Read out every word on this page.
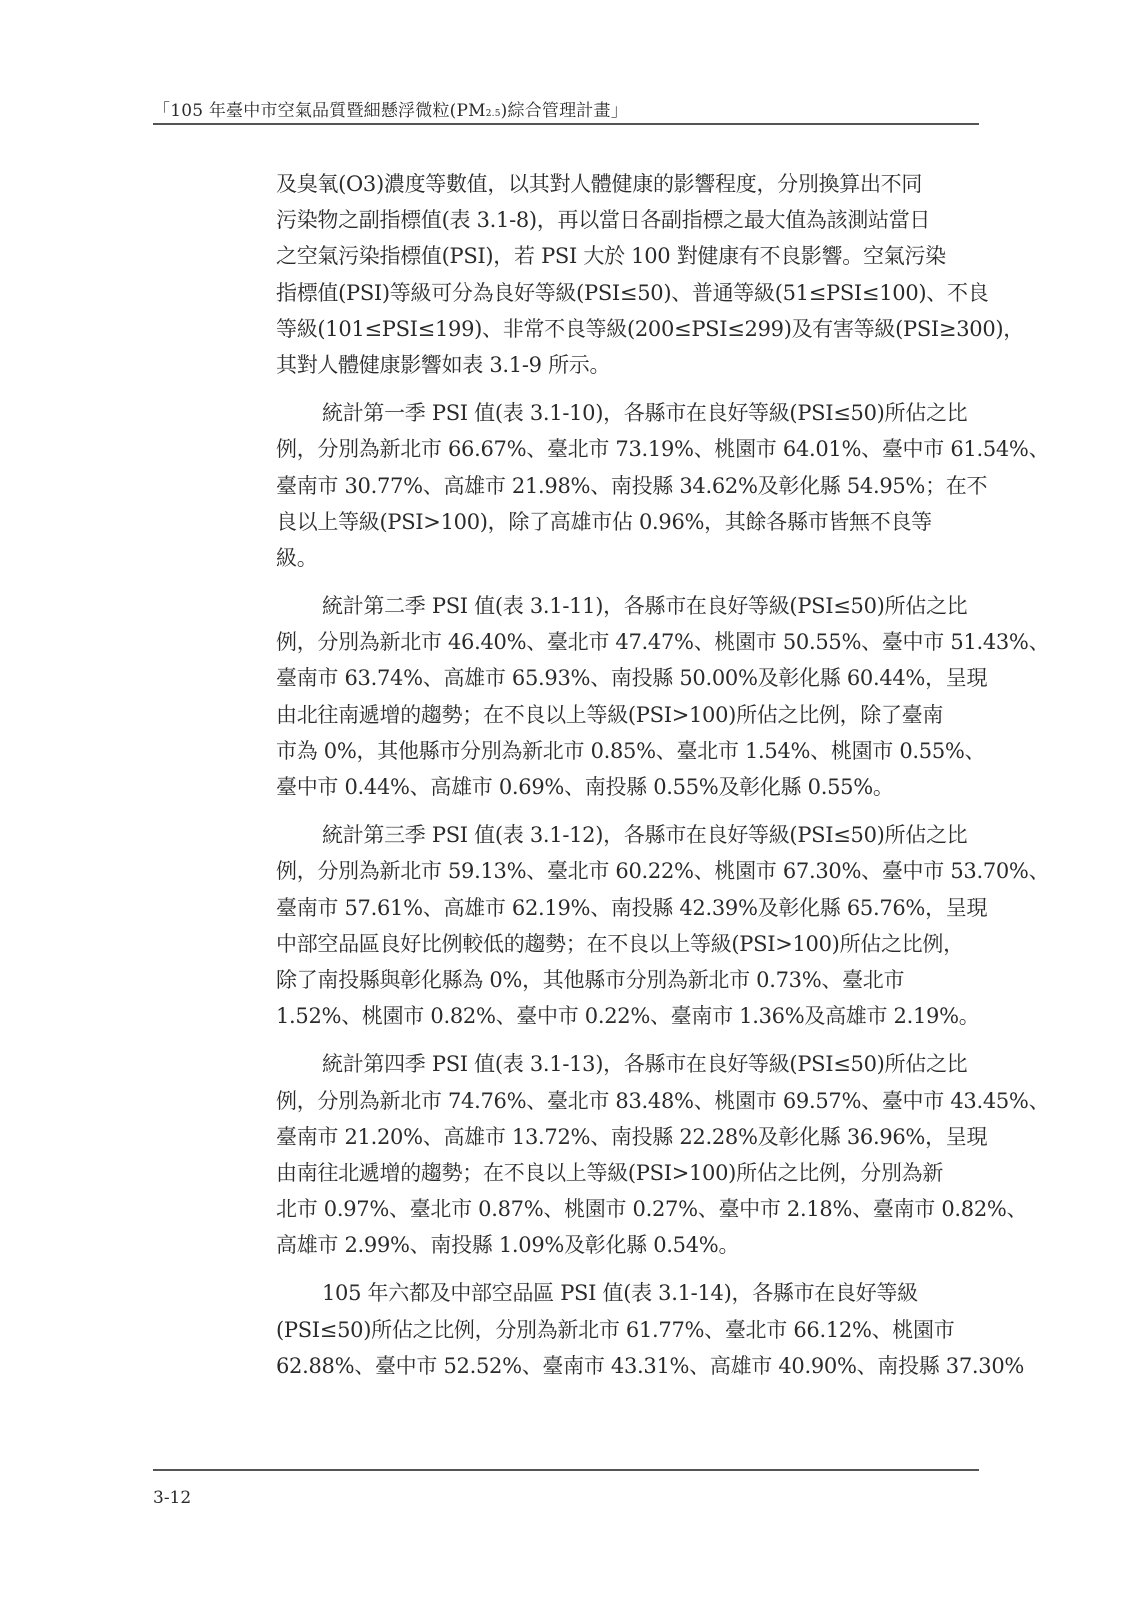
「105 年臺中市空氣品質暨細懸浮微粒(PM2.5)綜合管理計畫」
及臭氧(O3)濃度等數值，以其對人體健康的影響程度，分別換算出不同
污染物之副指標值(表 3.1-8)，再以當日各副指標之最大值為該測站當日
之空氣污染指標值(PSI)，若 PSI 大於 100 對健康有不良影響。空氣污染
指標值(PSI)等級可分為良好等級(PSI≤50)、普通等級(51≤PSI≤100)、不良
等級(101≤PSI≤199)、非常不良等級(200≤PSI≤299)及有害等級(PSI≥300)，
其對人體健康影響如表 3.1-9 所示。
統計第一季 PSI 值(表 3.1-10)，各縣市在良好等級(PSI≤50)所佔之比
例，分別為新北市 66.67%、臺北市 73.19%、桃園市 64.01%、臺中市 61.54%、
臺南市 30.77%、高雄市 21.98%、南投縣 34.62%及彰化縣 54.95%；在不
良以上等級(PSI>100)，除了高雄市佔 0.96%，其餘各縣市皆無不良等
級。
統計第二季 PSI 值(表 3.1-11)，各縣市在良好等級(PSI≤50)所佔之比
例，分別為新北市 46.40%、臺北市 47.47%、桃園市 50.55%、臺中市 51.43%、
臺南市 63.74%、高雄市 65.93%、南投縣 50.00%及彰化縣 60.44%，呈現
由北往南遞增的趨勢；在不良以上等級(PSI>100)所佔之比例，除了臺南
市為 0%，其他縣市分別為新北市 0.85%、臺北市 1.54%、桃園市 0.55%、
臺中市 0.44%、高雄市 0.69%、南投縣 0.55%及彰化縣 0.55%。
統計第三季 PSI 值(表 3.1-12)，各縣市在良好等級(PSI≤50)所佔之比
例，分別為新北市 59.13%、臺北市 60.22%、桃園市 67.30%、臺中市 53.70%、
臺南市 57.61%、高雄市 62.19%、南投縣 42.39%及彰化縣 65.76%，呈現
中部空品區良好比例較低的趨勢；在不良以上等級(PSI>100)所佔之比例，
除了南投縣與彰化縣為 0%，其他縣市分別為新北市 0.73%、臺北市
1.52%、桃園市 0.82%、臺中市 0.22%、臺南市 1.36%及高雄市 2.19%。
統計第四季 PSI 值(表 3.1-13)，各縣市在良好等級(PSI≤50)所佔之比
例，分別為新北市 74.76%、臺北市 83.48%、桃園市 69.57%、臺中市 43.45%、
臺南市 21.20%、高雄市 13.72%、南投縣 22.28%及彰化縣 36.96%，呈現
由南往北遞增的趨勢；在不良以上等級(PSI>100)所佔之比例，分別為新
北市 0.97%、臺北市 0.87%、桃園市 0.27%、臺中市 2.18%、臺南市 0.82%、
高雄市 2.99%、南投縣 1.09%及彰化縣 0.54%。
105 年六都及中部空品區 PSI 值(表 3.1-14)，各縣市在良好等級
(PSI≤50)所佔之比例，分別為新北市 61.77%、臺北市 66.12%、桃園市
62.88%、臺中市 52.52%、臺南市 43.31%、高雄市 40.90%、南投縣 37.30%
3-12
